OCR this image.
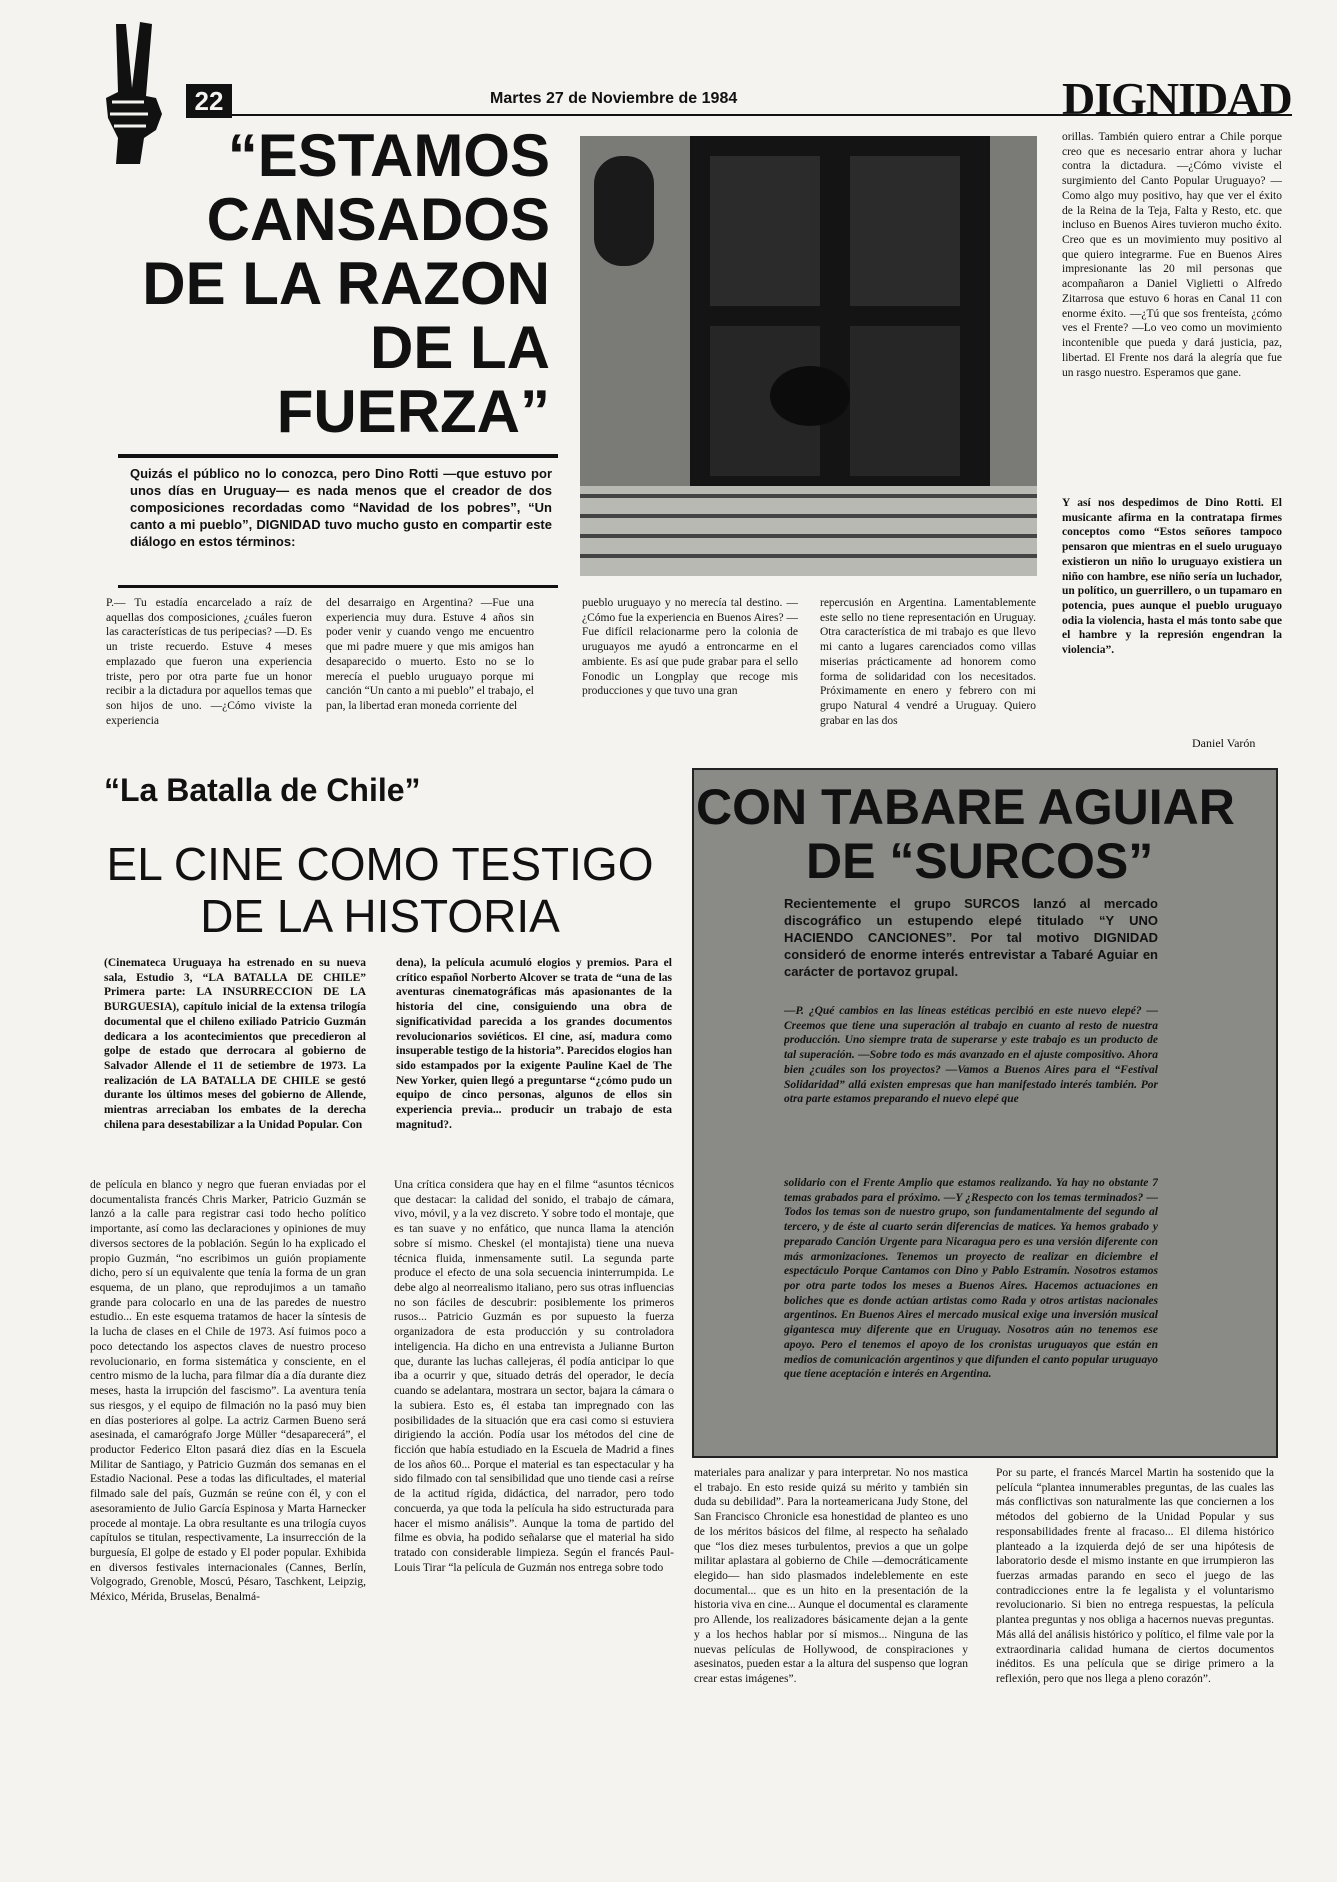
22	Martes 27 de Noviembre de 1984	DIGNIDAD
“ESTAMOS
CANSADOS
DE LA RAZON
DE LA
FUERZA”
Quizás el público no lo conozca, pero Dino Rotti —que estuvo por unos días en Uruguay— es nada menos que el creador de dos composiciones recordadas como “Navidad de los pobres”, “Un canto a mi pueblo”, DIGNIDAD tuvo mucho gusto en compartir este diálogo en estos términos:
P.— Tu estadía encarcelado a raíz de aquellas dos composiciones, ¿cuáles fueron las características de tus peripecias? —D. Es un triste recuerdo. Estuve 4 meses emplazado que fueron una experiencia triste, pero por otra parte fue un honor recibir a la dictadura por aquellos temas que son hijos de uno. —¿Cómo viviste la experiencia
del desarraigo en Argentina? —Fue una experiencia muy dura. Estuve 4 años sin poder venir y cuando vengo me encuentro que mi padre muere y que mis amigos han desaparecido o muerto. Esto no se lo merecía el pueblo uruguayo porque mi canción “Un canto a mi pueblo” el trabajo, el pan, la libertad eran moneda corriente del
pueblo uruguayo y no merecía tal destino. —¿Cómo fue la experiencia en Buenos Aires? —Fue difícil relacionarme pero la colonia de uruguayos me ayudó a entroncarme en el ambiente. Es así que pude grabar para el sello Fonodic un Longplay que recoge mis producciones y que tuvo una gran
repercusión en Argentina. Lamentablemente este sello no tiene representación en Uruguay. Otra característica de mi trabajo es que llevo mi canto a lugares carenciados como villas miserias prácticamente ad honorem como forma de solidaridad con los necesitados. Próximamente en enero y febrero con mi grupo Natural 4 vendré a Uruguay. Quiero grabar en las dos
orillas. También quiero entrar a Chile porque creo que es necesario entrar ahora y luchar contra la dictadura. —¿Cómo viviste el surgimiento del Canto Popular Uruguayo? —Como algo muy positivo, hay que ver el éxito de la Reina de la Teja, Falta y Resto, etc. que incluso en Buenos Aires tuvieron mucho éxito. Creo que es un movimiento muy positivo al que quiero integrarme. Fue en Buenos Aires impresionante las 20 mil personas que acompañaron a Daniel Viglietti o Alfredo Zitarrosa que estuvo 6 horas en Canal 11 con enorme éxito. —¿Tú que sos frenteísta, ¿cómo ves el Frente? —Lo veo como un movimiento incontenible que pueda y dará justicia, paz, libertad. El Frente nos dará la alegría que fue un rasgo nuestro. Esperamos que gane.
Y así nos despedimos de Dino Rotti. El musicante afirma en la contratapa firmes conceptos como “Estos señores tampoco pensaron que mientras en el suelo uruguayo existieron un niño lo uruguayo existiera un niño con hambre, ese niño sería un luchador, un político, un guerrillero, o un tupamaro en potencia, pues aunque el pueblo uruguayo odia la violencia, hasta el más tonto sabe que el hambre y la represión engendran la violencia”.
Daniel Varón
“La Batalla de Chile”
EL CINE COMO TESTIGO
DE LA HISTORIA
(Cinemateca Uruguaya ha estrenado en su nueva sala, Estudio 3, “LA BATALLA DE CHILE” Primera parte: LA INSURRECCION DE LA BURGUESIA), capítulo inicial de la extensa trilogía documental que el chileno exiliado Patricio Guzmán dedicara a los acontecimientos que precedieron al golpe de estado que derrocara al gobierno de Salvador Allende el 11 de setiembre de 1973. La realización de LA BATALLA DE CHILE se gestó durante los últimos meses del gobierno de Allende, mientras arreciaban los embates de la derecha chilena para desestabilizar a la Unidad Popular. Con
de película en blanco y negro que fueran enviadas por el documentalista francés Chris Marker, Patricio Guzmán se lanzó a la calle para registrar casi todo hecho político importante, así como las declaraciones y opiniones de muy diversos sectores de la población. Según lo ha explicado el propio Guzmán, “no escribimos un guión propiamente dicho, pero sí un equivalente que tenía la forma de un gran esquema, de un plano, que reprodujimos a un tamaño grande para colocarlo en una de las paredes de nuestro estudio... En este esquema tratamos de hacer la síntesis de la lucha de clases en el Chile de 1973. Así fuimos poco a poco detectando los aspectos claves de nuestro proceso revolucionario, en forma sistemática y consciente, en el centro mismo de la lucha, para filmar día a día durante diez meses, hasta la irrupción del fascismo”. La aventura tenía sus riesgos, y el equipo de filmación no la pasó muy bien en días posteriores al golpe. La actriz Carmen Bueno será asesinada, el camarógrafo Jorge Müller “desaparecerá”, el productor Federico Elton pasará diez días en la Escuela Militar de Santiago, y Patricio Guzmán dos semanas en el Estadio Nacional. Pese a todas las dificultades, el material filmado sale del país, Guzmán se reúne con él, y con el asesoramiento de Julio García Espinosa y Marta Harnecker procede al montaje. La obra resultante es una trilogía cuyos capítulos se titulan, respectivamente, La insurrección de la burguesía, El golpe de estado y El poder popular. Exhibida en diversos festivales internacionales (Cannes, Berlín, Volgogrado, Grenoble, Moscú, Pésaro, Taschkent, Leipzig, México, Mérida, Bruselas, Benalmá-
dena), la película acumuló elogios y premios. Para el crítico español Norberto Alcover se trata de “una de las aventuras cinematográficas más apasionantes de la historia del cine, consiguiendo una obra de significatividad parecida a los grandes documentos revolucionarios soviéticos. El cine, así, madura como insuperable testigo de la historia”. Parecidos elogios han sido estampados por la exigente Pauline Kael de The New Yorker, quien llegó a preguntarse “¿cómo pudo un equipo de cinco personas, algunos de ellos sin experiencia previa... producir un trabajo de esta magnitud?.
Una crítica considera que hay en el filme “asuntos técnicos que destacar: la calidad del sonido, el trabajo de cámara, vivo, móvil, y a la vez discreto. Y sobre todo el montaje, que es tan suave y no enfático, que nunca llama la atención sobre sí mismo. Cheskel (el montajista) tiene una nueva técnica fluida, inmensamente sutil. La segunda parte produce el efecto de una sola secuencia ininterrumpida. Le debe algo al neorrealismo italiano, pero sus otras influencias no son fáciles de descubrir: posiblemente los primeros rusos... Patricio Guzmán es por supuesto la fuerza organizadora de esta producción y su controladora inteligencia. Ha dicho en una entrevista a Julianne Burton que, durante las luchas callejeras, él podía anticipar lo que iba a ocurrir y que, situado detrás del operador, le decía cuando se adelantara, mostrara un sector, bajara la cámara o la subiera. Esto es, él estaba tan impregnado con las posibilidades de la situación que era casi como si estuviera dirigiendo la acción. Podía usar los métodos del cine de ficción que había estudiado en la Escuela de Madrid a fines de los años 60... Porque el material es tan espectacular y ha sido filmado con tal sensibilidad que uno tiende casi a reírse de la actitud rígida, didáctica, del narrador, pero todo concuerda, ya que toda la película ha sido estructurada para hacer el mismo análisis”. Aunque la toma de partido del filme es obvia, ha podido señalarse que el material ha sido tratado con considerable limpieza. Según el francés Paul-Louis Tirar “la película de Guzmán nos entrega sobre todo
materiales para analizar y para interpretar. No nos mastica el trabajo. En esto reside quizá su mérito y también sin duda su debilidad”. Para la norteamericana Judy Stone, del San Francisco Chronicle esa honestidad de planteo es uno de los méritos básicos del filme, al respecto ha señalado que “los diez meses turbulentos, previos a que un golpe militar aplastara al gobierno de Chile —democráticamente elegido— han sido plasmados indeleblemente en este documental... que es un hito en la presentación de la historia viva en cine... Aunque el documental es claramente pro Allende, los realizadores básicamente dejan a la gente y a los hechos hablar por sí mismos... Ninguna de las nuevas películas de Hollywood, de conspiraciones y asesinatos, pueden estar a la altura del suspenso que logran crear estas imágenes”.
Por su parte, el francés Marcel Martin ha sostenido que la película “plantea innumerables preguntas, de las cuales las más conflictivas son naturalmente las que conciernen a los métodos del gobierno de la Unidad Popular y sus responsabilidades frente al fracaso... El dilema histórico planteado a la izquierda dejó de ser una hipótesis de laboratorio desde el mismo instante en que irrumpieron las fuerzas armadas parando en seco el juego de las contradicciones entre la fe legalista y el voluntarismo revolucionario. Si bien no entrega respuestas, la película plantea preguntas y nos obliga a hacernos nuevas preguntas. Más allá del análisis histórico y político, el filme vale por la extraordinaria calidad humana de ciertos documentos inéditos. Es una película que se dirige primero a la reflexión, pero que nos llega a pleno corazón”.
CON TABARE AGUIAR
DE “SURCOS”
Recientemente el grupo SURCOS lanzó al mercado discográfico un estupendo elepé titulado “Y UNO HACIENDO CANCIONES”. Por tal motivo DIGNIDAD consideró de enorme interés entrevistar a Tabaré Aguiar en carácter de portavoz grupal.
—P. ¿Qué cambios en las líneas estéticas percibió en este nuevo elepé? —Creemos que tiene una superación al trabajo en cuanto al resto de nuestra producción. Uno siempre trata de superarse y este trabajo es un producto de tal superación. —Sobre todo es más avanzado en el ajuste compositivo. Ahora bien ¿cuáles son los proyectos? —Vamos a Buenos Aires para el “Festival Solidaridad” allá existen empresas que han manifestado interés también. Por otra parte estamos preparando el nuevo elepé que
solidario con el Frente Amplio que estamos realizando. Ya hay no obstante 7 temas grabados para el próximo. —Y ¿Respecto con los temas terminados? —Todos los temas son de nuestro grupo, son fundamentalmente del segundo al tercero, y de éste al cuarto serán diferencias de matices. Ya hemos grabado y preparado Canción Urgente para Nicaragua pero es una versión diferente con más armonizaciones. Tenemos un proyecto de realizar en diciembre el espectáculo Porque Cantamos con Dino y Pablo Estramín. Nosotros estamos por otra parte todos los meses a Buenos Aires. Hacemos actuaciones en boliches que es donde actúan artistas como Rada y otros artistas nacionales argentinos. En Buenos Aires el mercado musical exige una inversión musical gigantesca muy diferente que en Uruguay. Nosotros aún no tenemos ese apoyo. Pero el tenemos el apoyo de los cronistas uruguayos que están en medios de comunicación argentinos y que difunden el canto popular uruguayo que tiene aceptación e interés en Argentina.
